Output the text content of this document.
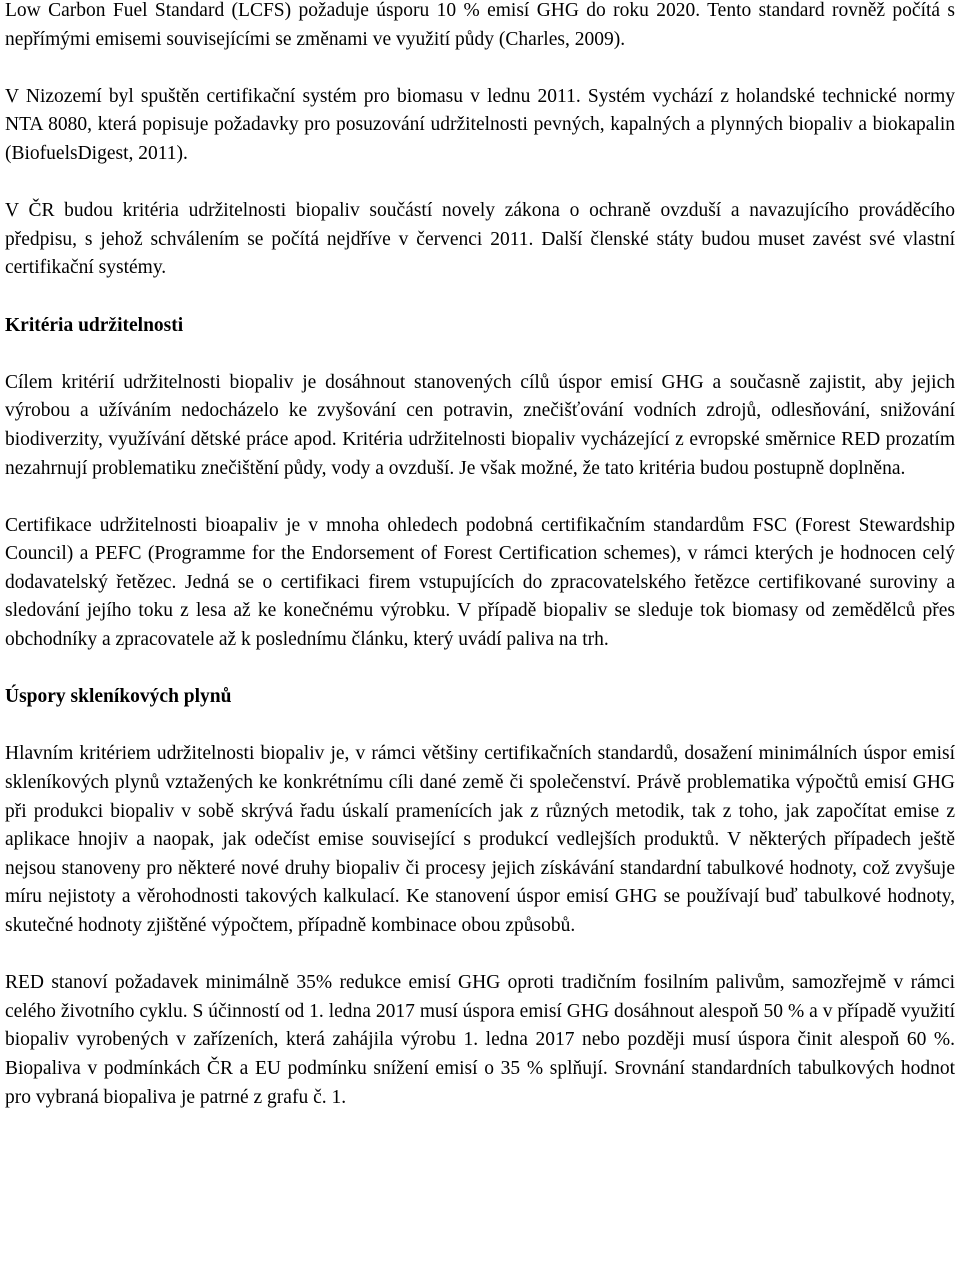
Low Carbon Fuel Standard (LCFS) požaduje úsporu 10 % emisí GHG do roku 2020. Tento standard rovněž počítá s nepřímými emisemi souvisejícími se změnami ve využití půdy (Charles, 2009).

V Nizozemí byl spuštěn certifikační systém pro biomasu v lednu 2011. Systém vychází z holandské technické normy NTA 8080, která popisuje požadavky pro posuzování udržitelnosti pevných, kapalných a plynných biopaliv a biokapalin (BiofuelsDigest, 2011).

V ČR budou kritéria udržitelnosti biopaliv součástí novely zákona o ochraně ovzduší a navazujícího prováděcího předpisu, s jehož schválením se počítá nejdříve v červenci 2011. Další členské státy budou muset zavést své vlastní certifikační systémy.

Kritéria udržitelnosti

Cílem kritérií udržitelnosti biopaliv je dosáhnout stanovených cílů úspor emisí GHG a současně zajistit, aby jejich výrobou a užíváním nedocházelo ke zvyšování cen potravin, znečišťování vodních zdrojů, odlesňování, snižování biodiverzity, využívání dětské práce apod. Kritéria udržitelnosti biopaliv vycházející z evropské směrnice RED prozatím nezahrnují problematiku znečištění půdy, vody a ovzduší. Je však možné, že tato kritéria budou postupně doplněna.

Certifikace udržitelnosti bioapaliv je v mnoha ohledech podobná certifikačním standardům FSC (Forest Stewardship Council) a PEFC (Programme for the Endorsement of Forest Certification schemes), v rámci kterých je hodnocen celý dodavatelský řetězec. Jedná se o certifikaci firem vstupujících do zpracovatelského řetězce certifikované suroviny a sledování jejího toku z lesa až ke konečnému výrobku. V případě biopaliv se sleduje tok biomasy od zemědělců přes obchodníky a zpracovatele až k poslednímu článku, který uvádí paliva na trh.

Úspory skleníkových plynů

Hlavním kritériem udržitelnosti biopaliv je, v rámci většiny certifikačních standardů, dosažení minimálních úspor emisí skleníkových plynů vztažených ke konkrétnímu cíli dané země či společenství. Právě problematika výpočtů emisí GHG při produkci biopaliv v sobě skrývá řadu úskalí pramenících jak z různých metodik, tak z toho, jak započítat emise z aplikace hnojiv a naopak, jak odečíst emise související s produkcí vedlejších produktů. V některých případech ještě nejsou stanoveny pro některé nové druhy biopaliv či procesy jejich získávání standardní tabulkové hodnoty, což zvyšuje míru nejistoty a věrohodnosti takových kalkulací. Ke stanovení úspor emisí GHG se používají buď tabulkové hodnoty, skutečné hodnoty zjištěné výpočtem, případně kombinace obou způsobů.

RED stanoví požadavek minimálně 35% redukce emisí GHG oproti tradičním fosilním palivům, samozřejmě v rámci celého životního cyklu. S účinností od 1. ledna 2017 musí úspora emisí GHG dosáhnout alespoň 50 % a v případě využití biopaliv vyrobených v zařízeních, která zahájila výrobu 1. ledna 2017 nebo později musí úspora činit alespoň 60 %. Biopaliva v podmínkách ČR a EU podmínku snížení emisí o 35 % splňují. Srovnání standardních tabulkových hodnot pro vybraná biopaliva je patrné z grafu č. 1.
